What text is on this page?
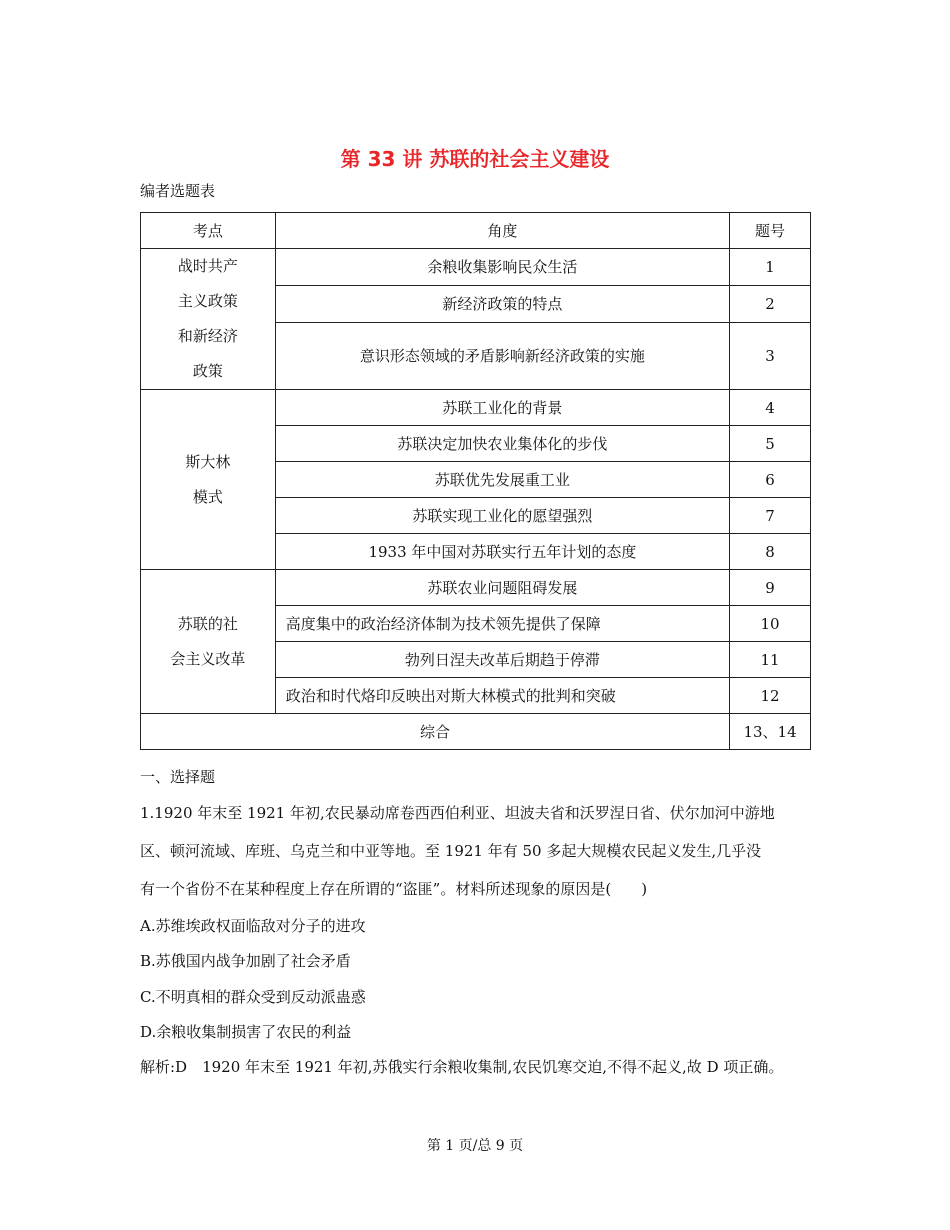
第 33 讲 苏联的社会主义建设
编者选题表
考点	角度	题号

战时共产
主义政策
和新经济
政策	余粮收集影响民众生活	1
	新经济政策的特点	2
	意识形态领域的矛盾影响新经济政策的实施	3

斯大林
模式	苏联工业化的背景	4
	苏联决定加快农业集体化的步伐	5
	苏联优先发展重工业	6
	苏联实现工业化的愿望强烈	7
	1933 年中国对苏联实行五年计划的态度	8

苏联的社
会主义改革	苏联农业问题阻碍发展	9
	高度集中的政治经济体制为技术领先提供了保障	10
	勃列日涅夫改革后期趋于停滞	11
	政治和时代烙印反映出对斯大林模式的批判和突破	12
综合		13、14
一、选择题
1.1920 年末至 1921 年初,农民暴动席卷西西伯利亚、坦波夫省和沃罗涅日省、伏尔加河中游地
区、顿河流域、库班、乌克兰和中亚等地。至 1921 年有 50 多起大规模农民起义发生,几乎没
有一个省份不在某种程度上存在所谓的“盗匪”。材料所述现象的原因是(　　)
A.苏维埃政权面临敌对分子的进攻
B.苏俄国内战争加剧了社会矛盾
C.不明真相的群众受到反动派蛊惑
D.余粮收集制损害了农民的利益
解析:D　1920 年末至 1921 年初,苏俄实行余粮收集制,农民饥寒交迫,不得不起义,故 D 项正确。
第 1 页/总 9 页
